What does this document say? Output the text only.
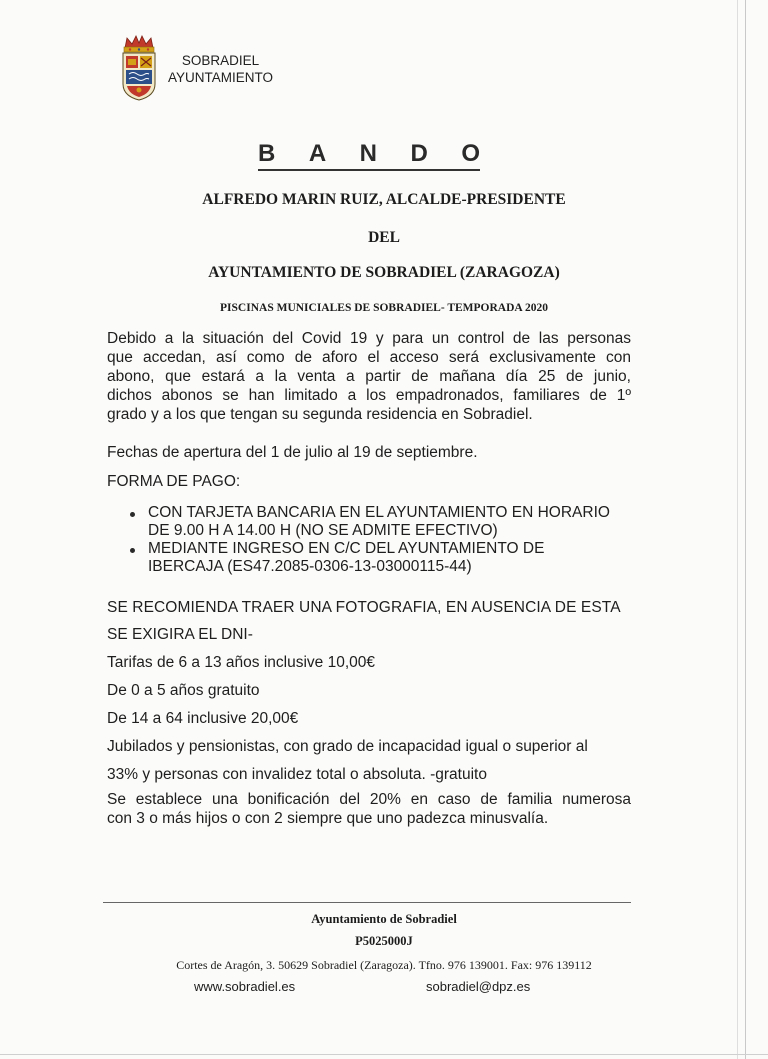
SOBRADIEL
AYUNTAMIENTO
B A N D O
ALFREDO MARIN RUIZ, ALCALDE-PRESIDENTE
DEL
AYUNTAMIENTO DE SOBRADIEL (ZARAGOZA)
PISCINAS MUNICIALES DE SOBRADIEL- TEMPORADA 2020
Debido a la situación del Covid 19 y para un control de las personas
que accedan, así como de aforo el acceso será exclusivamente con
abono, que estará a la venta a partir de mañana día 25 de junio,
dichos abonos se han limitado a los empadronados, familiares de 1º
grado y a los que tengan su segunda residencia en Sobradiel.
Fechas de apertura del 1 de julio al 19 de septiembre.
FORMA DE PAGO:
CON TARJETA BANCARIA EN EL AYUNTAMIENTO EN HORARIO
DE 9.00 H A 14.00 H (NO SE ADMITE EFECTIVO)
MEDIANTE INGRESO EN C/C DEL AYUNTAMIENTO DE
IBERCAJA (ES47.2085-0306-13-03000115-44)
SE RECOMIENDA TRAER UNA FOTOGRAFIA, EN AUSENCIA DE ESTA
SE EXIGIRA EL DNI-
Tarifas de 6 a 13 años inclusive 10,00€
De 0 a 5 años gratuito
De 14 a 64 inclusive 20,00€
Jubilados y pensionistas, con grado de incapacidad igual o superior al
33% y personas con invalidez total o absoluta. -gratuito
Se establece una bonificación del 20% en caso de familia numerosa
con 3 o más hijos o con 2 siempre que uno padezca minusvalía.
Ayuntamiento de Sobradiel
P5025000J
Cortes de Aragón, 3. 50629 Sobradiel (Zaragoza). Tfno. 976 139001. Fax: 976 139112
www.sobradiel.es	sobradiel@dpz.es
